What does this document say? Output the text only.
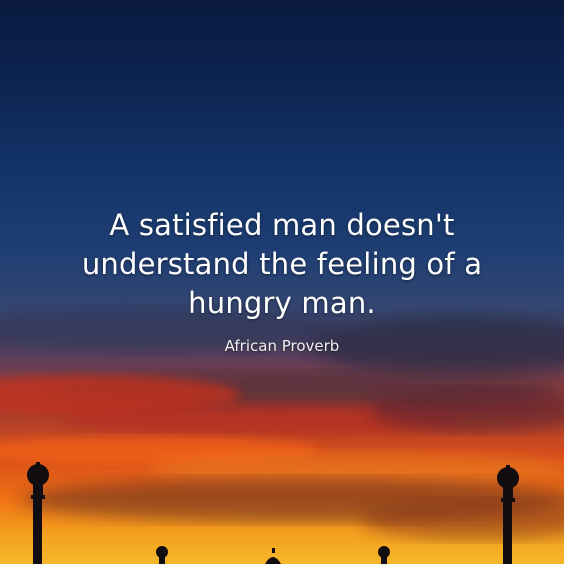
A satisfied man doesn't understand the feeling of a hungry man.

African Proverb
